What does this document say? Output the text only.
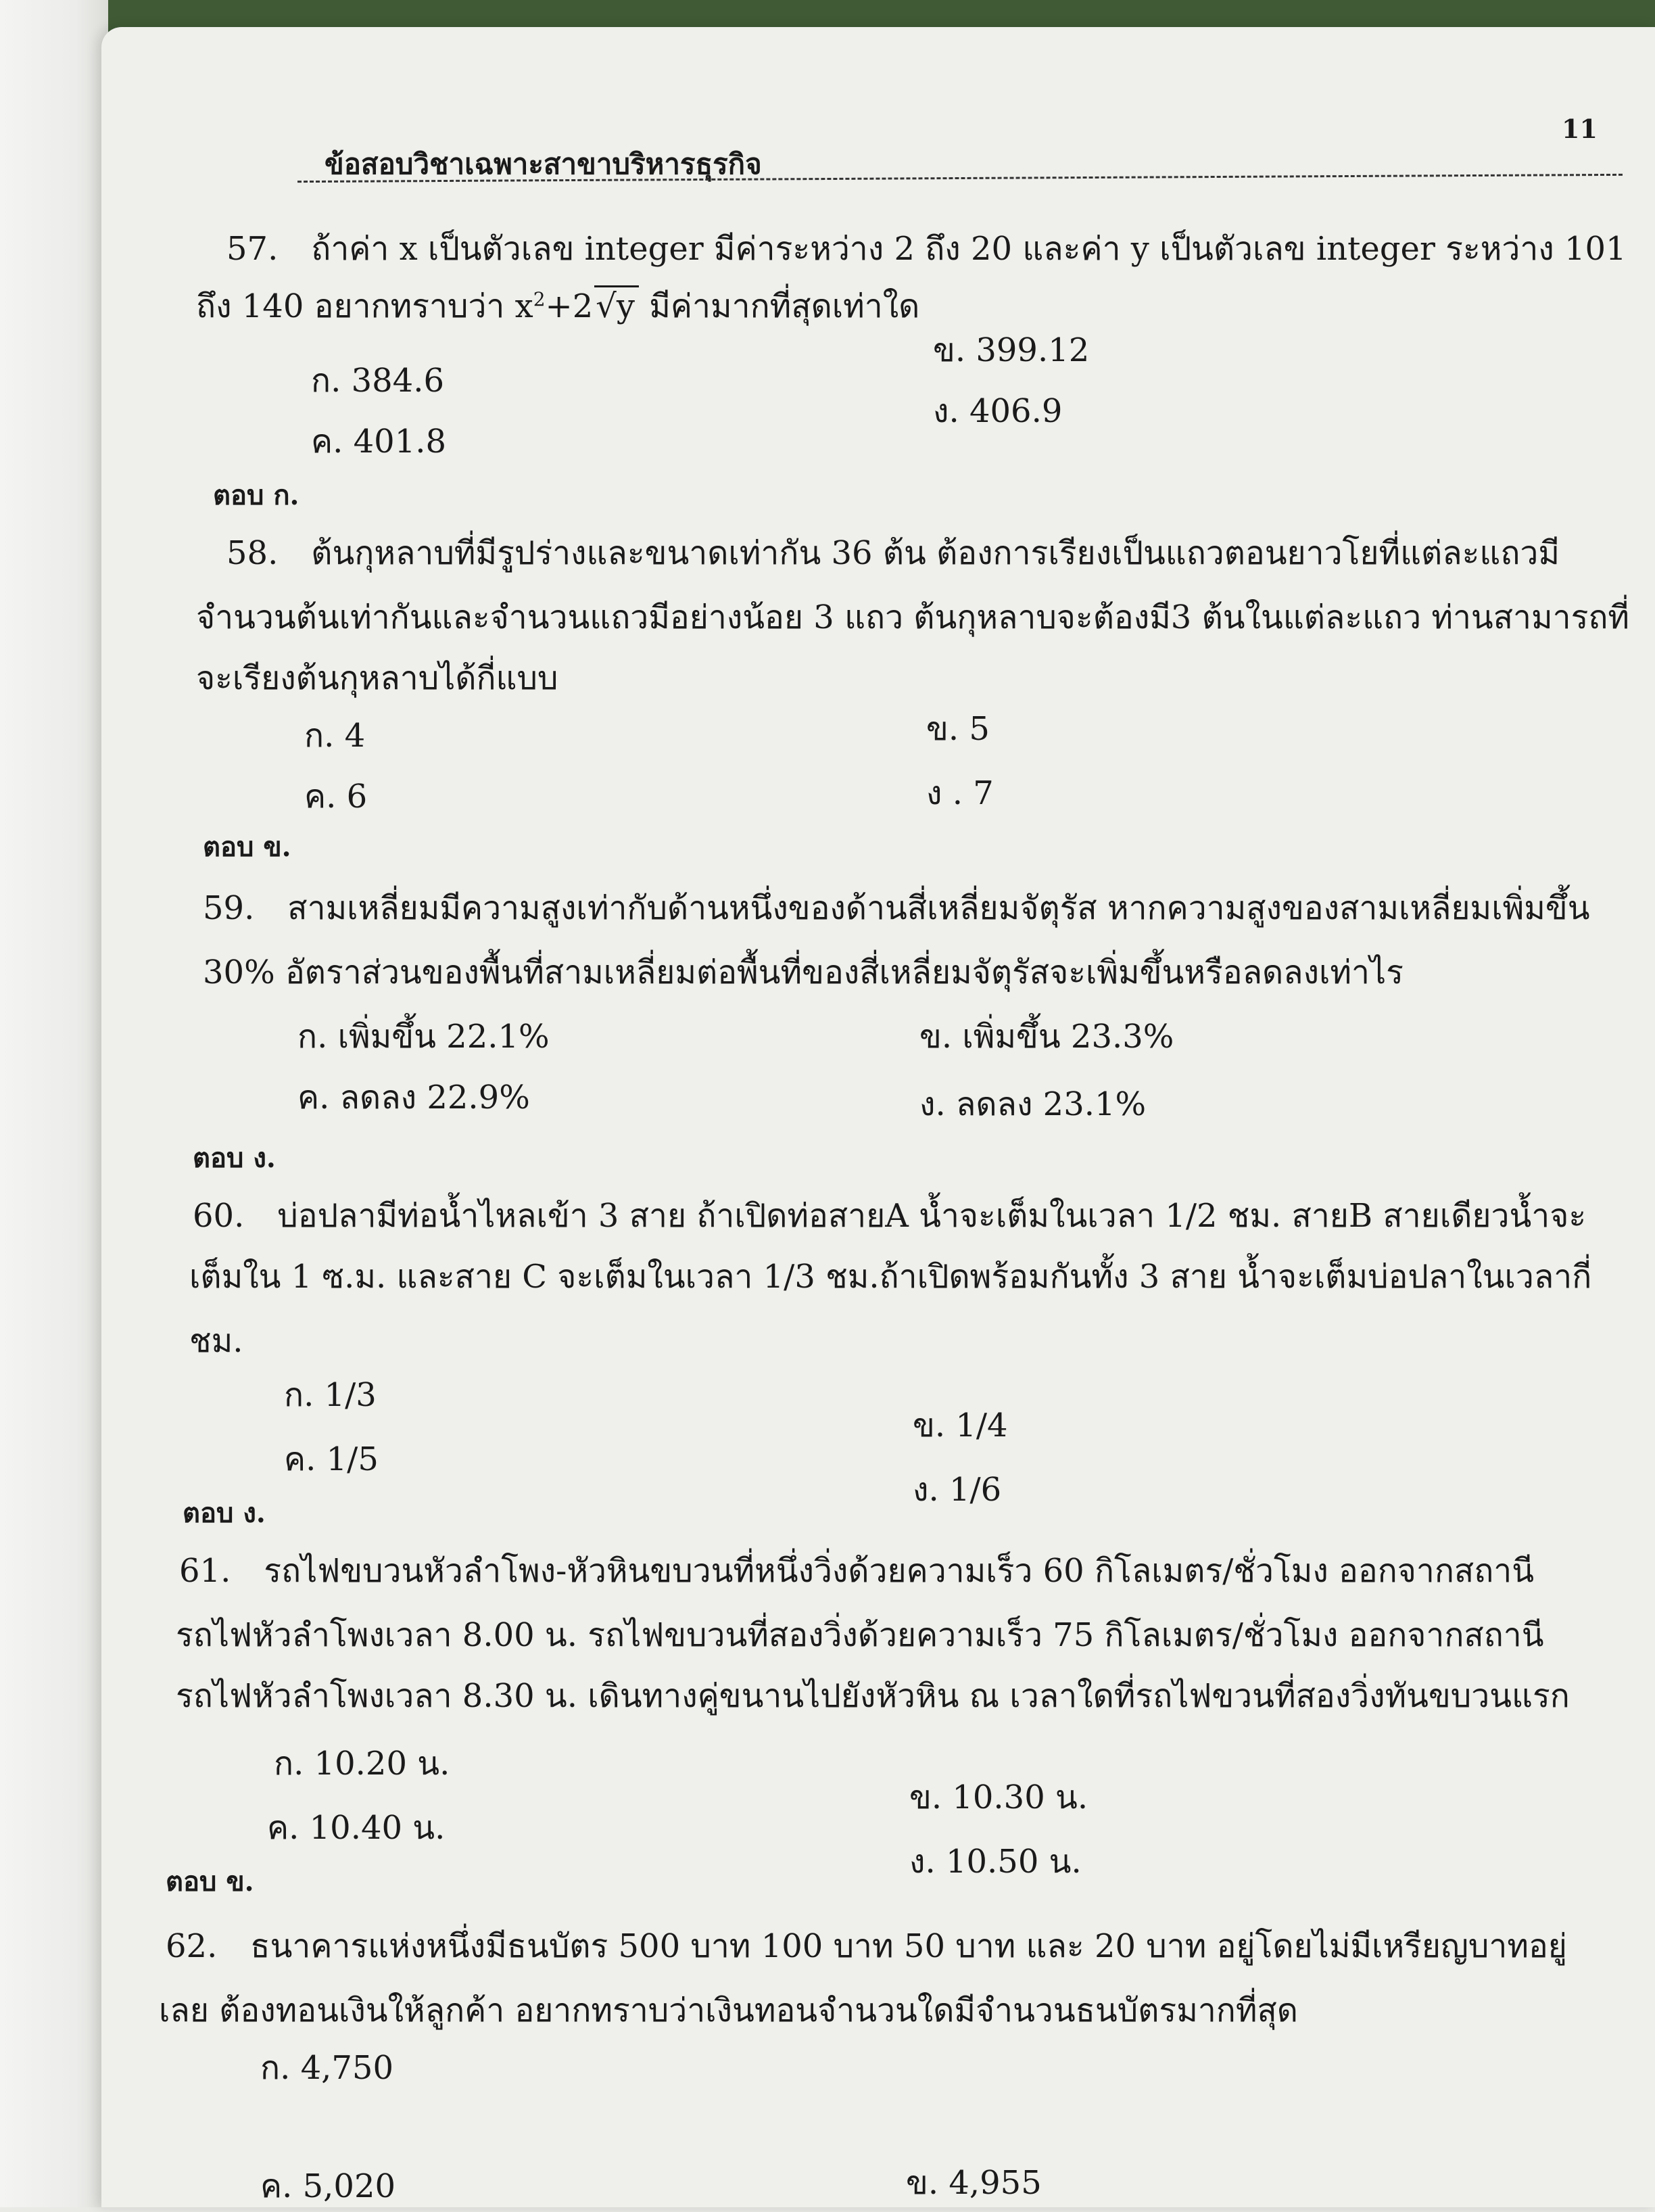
11
ข้อสอบวิชาเฉพาะสาขาบริหารธุรกิจ
57. ถ้าค่า x เป็นตัวเลข integer มีค่าระหว่าง 2 ถึง 20 และค่า y เป็นตัวเลข integer ระหว่าง 101
ถึง 140 อยากทราบว่า $x^2+2√y$ มีค่ามากที่สุดเท่าใด
ก. 384.6
ข. 399.12
ค. 401.8
ง. 406.9
ตอบ ก.
58. ต้นกุหลาบที่มีรูปร่างและขนาดเท่ากัน 36 ต้น ต้องการเรียงเป็นแถวตอนยาวโยที่แต่ละแถวมี
จำนวนต้นเท่ากันและจำนวนแถวมีอย่างน้อย 3 แถว ต้นกุหลาบจะต้องมี3 ต้นในแต่ละแถว ท่านสามารถที่
จะเรียงต้นกุหลาบได้กี่แบบ
ก. 4	ข. 5
ค. 6	ง . 7
ตอบ ข.
59. สามเหลี่ยมมีความสูงเท่ากับด้านหนึ่งของด้านสี่เหลี่ยมจัตุรัส หากความสูงของสามเหลี่ยมเพิ่มขึ้น
30% อัตราส่วนของพื้นที่สามเหลี่ยมต่อพื้นที่ของสี่เหลี่ยมจัตุรัสจะเพิ่มขึ้นหรือลดลงเท่าไร
ก. เพิ่มขึ้น 22.1%	ข. เพิ่มขึ้น 23.3%
ค. ลดลง 22.9%	ง. ลดลง 23.1%
ตอบ ง.
60. บ่อปลามีท่อน้ำไหลเข้า 3 สาย ถ้าเปิดท่อสายA น้ำจะเต็มในเวลา 1/2 ชม. สายB สายเดียวน้ำจะ
เต็มใน 1 ซ.ม. และสาย C จะเต็มในเวลา 1/3 ชม.ถ้าเปิดพร้อมกันทั้ง 3 สาย น้ำจะเต็มบ่อปลาในเวลากี่
ชม.
ก. 1/3
ข. 1/4
ค. 1/5
ง. 1/6
ตอบ ง.
61. รถไฟขบวนหัวลำโพง-หัวหินขบวนที่หนึ่งวิ่งด้วยความเร็ว 60 กิโลเมตร/ชั่วโมง ออกจากสถานี
รถไฟหัวลำโพงเวลา 8.00 น. รถไฟขบวนที่สองวิ่งด้วยความเร็ว 75 กิโลเมตร/ชั่วโมง ออกจากสถานี
รถไฟหัวลำโพงเวลา 8.30 น. เดินทางคู่ขนานไปยังหัวหิน ณ เวลาใดที่รถไฟขวนที่สองวิ่งทันขบวนแรก
ก. 10.20 น.
ข. 10.30 น.
ค. 10.40 น.
ง. 10.50 น.
ตอบ ข.
62. ธนาคารแห่งหนึ่งมีธนบัตร 500 บาท 100 บาท 50 บาท และ 20 บาท อยู่โดยไม่มีเหรียญบาทอยู่
เลย ต้องทอนเงินให้ลูกค้า อยากทราบว่าเงินทอนจำนวนใดมีจำนวนธนบัตรมากที่สุด
ก. 4,750
ข. 4,955
ค. 5,020
